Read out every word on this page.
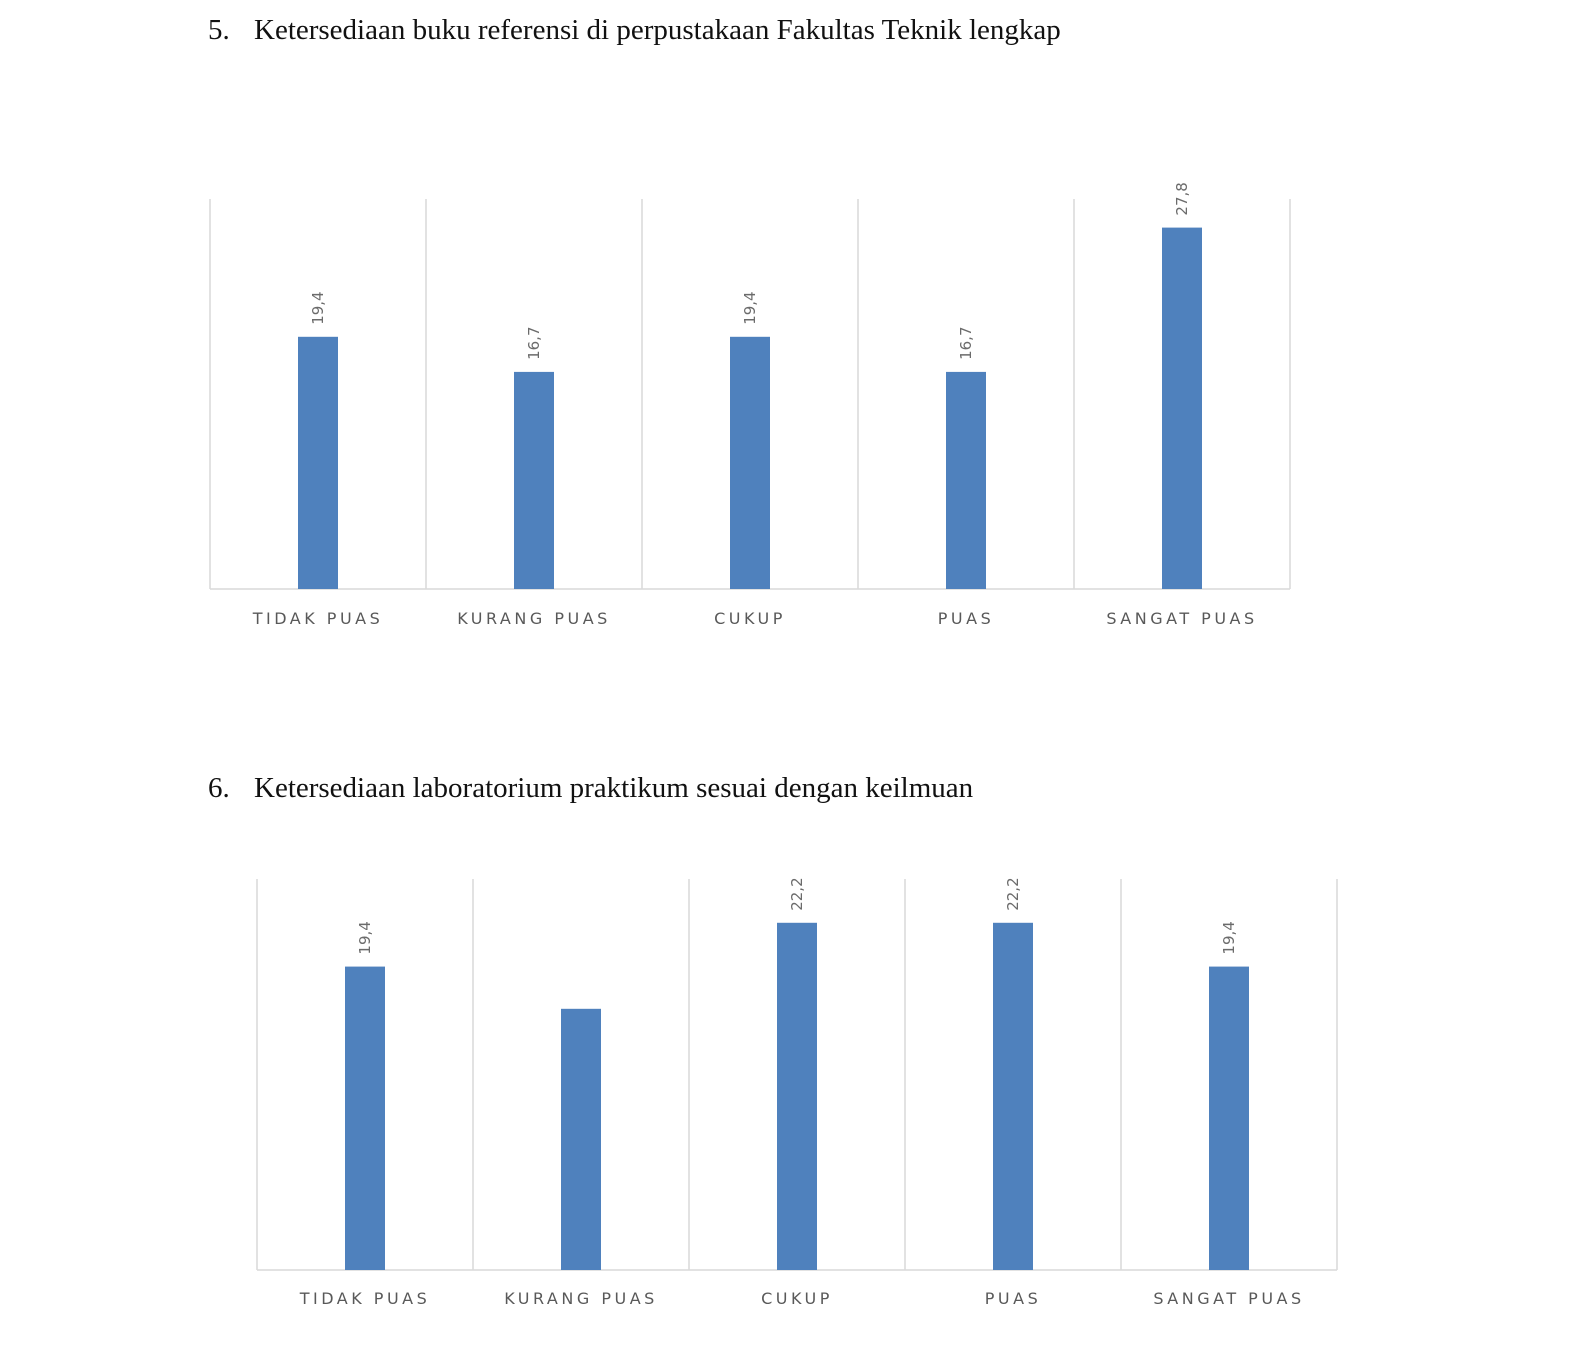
5. Ketersediaan buku referensi di perpustakaan Fakultas Teknik lengkap
19,4
TIDAK PUAS
16,7
KURANG PUAS
19,4
CUKUP
16,7
PUAS
27,8
SANGAT PUAS
6. Ketersediaan laboratorium praktikum sesuai dengan keilmuan
19,4
TIDAK PUAS	KURANG PUAS
22,2
CUKUP
22,2
PUAS
19,4
SANGAT PUAS
